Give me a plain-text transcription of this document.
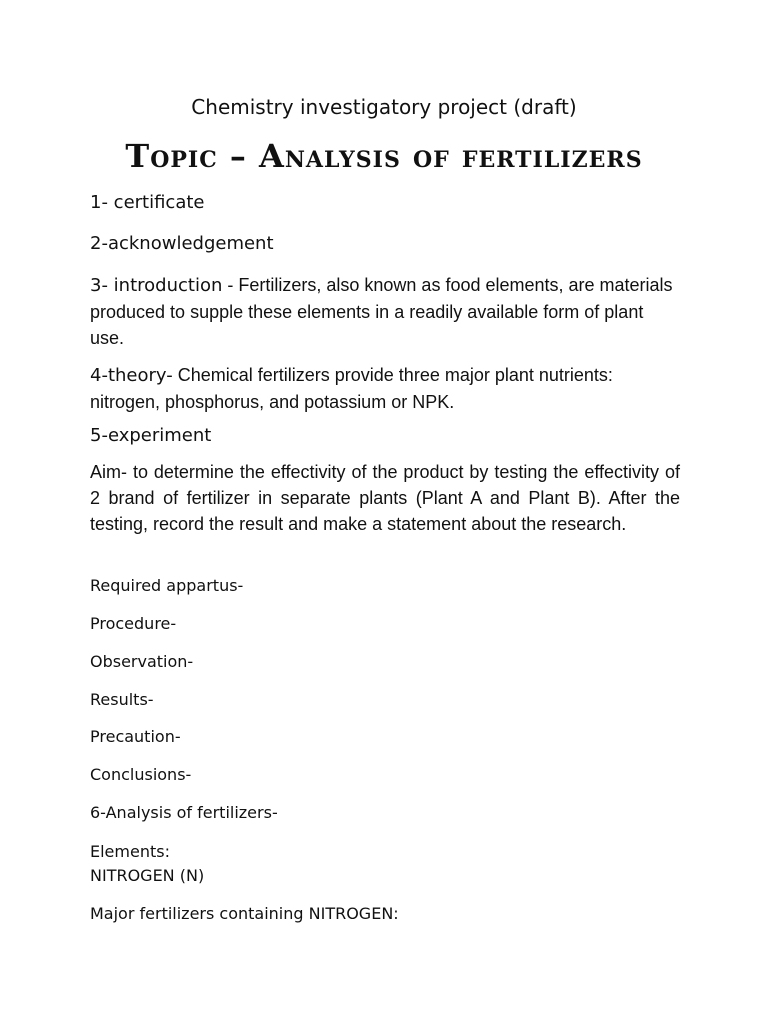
Chemistry investigatory project (draft)
Topic – Analysis of fertilizers
1- certificate
2-acknowledgement
3- introduction - Fertilizers, also known as food elements, are materials produced to supple these elements in a readily available form of plant use.
4-theory- Chemical fertilizers provide three major plant nutrients: nitrogen, phosphorus, and potassium or NPK.
5-experiment
Aim- to determine the effectivity of the product by testing the effectivity of 2 brand of fertilizer in separate plants (Plant A and Plant B). After the testing, record the result and make a statement about the research.
Required appartus-
Procedure-
Observation-
Results-
Precaution-
Conclusions-
6-Analysis of fertilizers-
Elements:
NITROGEN (N)
Major fertilizers containing NITROGEN:
